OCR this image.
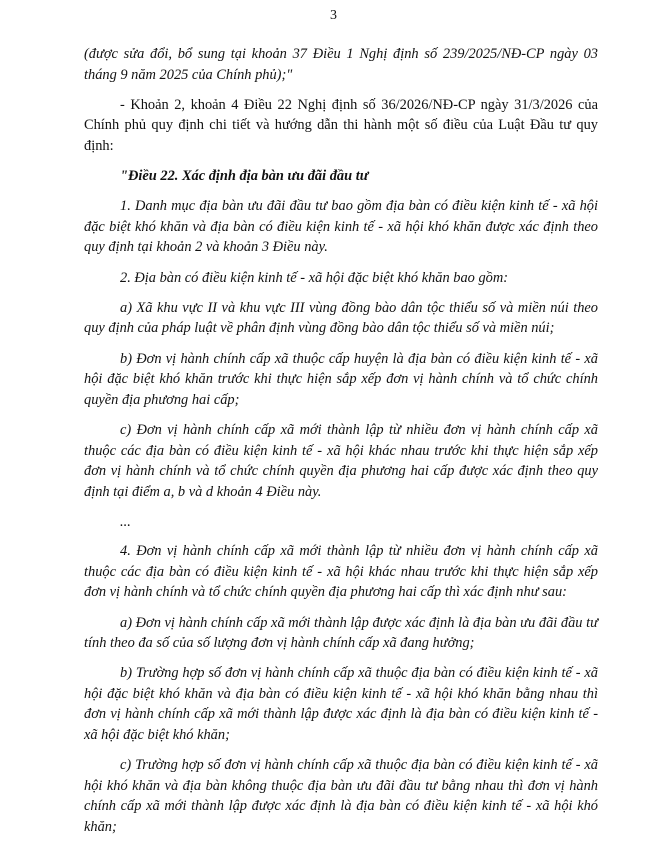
3

(được sửa đổi, bổ sung tại khoản 37 Điều 1 Nghị định số 239/2025/NĐ-CP ngày 03 tháng 9 năm 2025 của Chính phủ);"

- Khoản 2, khoản 4 Điều 22 Nghị định số 36/2026/NĐ-CP ngày 31/3/2026 của Chính phủ quy định chi tiết và hướng dẫn thi hành một số điều của Luật Đầu tư quy định:

"Điều 22. Xác định địa bàn ưu đãi đầu tư

1. Danh mục địa bàn ưu đãi đầu tư bao gồm địa bàn có điều kiện kinh tế - xã hội đặc biệt khó khăn và địa bàn có điều kiện kinh tế - xã hội khó khăn được xác định theo quy định tại khoản 2 và khoản 3 Điều này.

2. Địa bàn có điều kiện kinh tế - xã hội đặc biệt khó khăn bao gồm:

a) Xã khu vực II và khu vực III vùng đồng bào dân tộc thiểu số và miền núi theo quy định của pháp luật về phân định vùng đồng bào dân tộc thiểu số và miền núi;

b) Đơn vị hành chính cấp xã thuộc cấp huyện là địa bàn có điều kiện kinh tế - xã hội đặc biệt khó khăn trước khi thực hiện sắp xếp đơn vị hành chính và tổ chức chính quyền địa phương hai cấp;

c) Đơn vị hành chính cấp xã mới thành lập từ nhiều đơn vị hành chính cấp xã thuộc các địa bàn có điều kiện kinh tế - xã hội khác nhau trước khi thực hiện sắp xếp đơn vị hành chính và tổ chức chính quyền địa phương hai cấp được xác định theo quy định tại điểm a, b và d khoản 4 Điều này.

...

4. Đơn vị hành chính cấp xã mới thành lập từ nhiều đơn vị hành chính cấp xã thuộc các địa bàn có điều kiện kinh tế - xã hội khác nhau trước khi thực hiện sắp xếp đơn vị hành chính và tổ chức chính quyền địa phương hai cấp thì xác định như sau:

a) Đơn vị hành chính cấp xã mới thành lập được xác định là địa bàn ưu đãi đầu tư tính theo đa số của số lượng đơn vị hành chính cấp xã đang hưởng;

b) Trường hợp số đơn vị hành chính cấp xã thuộc địa bàn có điều kiện kinh tế - xã hội đặc biệt khó khăn và địa bàn có điều kiện kinh tế - xã hội khó khăn bằng nhau thì đơn vị hành chính cấp xã mới thành lập được xác định là địa bàn có điều kiện kinh tế - xã hội đặc biệt khó khăn;

c) Trường hợp số đơn vị hành chính cấp xã thuộc địa bàn có điều kiện kinh tế - xã hội khó khăn và địa bàn không thuộc địa bàn ưu đãi đầu tư bằng nhau thì đơn vị hành chính cấp xã mới thành lập được xác định là địa bàn có điều kiện kinh tế - xã hội khó khăn;
